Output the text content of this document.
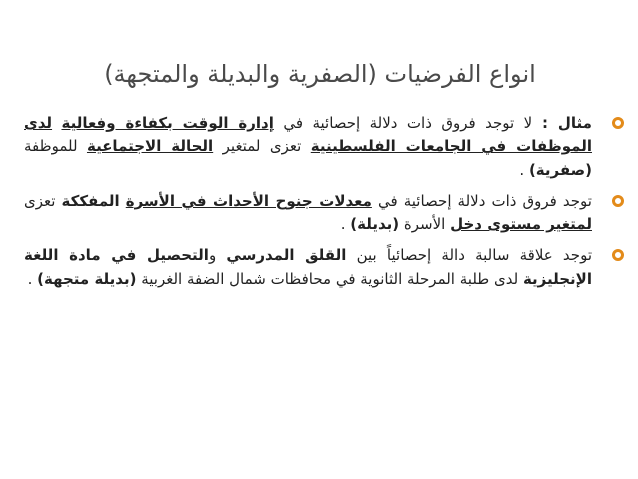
انواع الفرضيات (الصفرية والبديلة والمتجهة)
مثال : لا توجد فروق ذات دلالة إحصائية في إدارة الوقت بكفاءة وفعالية لدى الموظفات في الجامعات الفلسطينية تعزى لمتغير الحالة الاجتماعية للموظفة (صفرية) .
توجد فروق ذات دلالة إحصائية في معدلات جنوح الأحداث في الأسرة المفككة تعزى لمتغير مستوى دخل الأسرة (بديلة) .
توجد علاقة سالبة دالة إحصائياً بين القلق المدرسي والتحصيل في مادة اللغة الإنجليزية لدى طلبة المرحلة الثانوية في محافظات شمال الضفة الغربية (بديلة متجهة) .
